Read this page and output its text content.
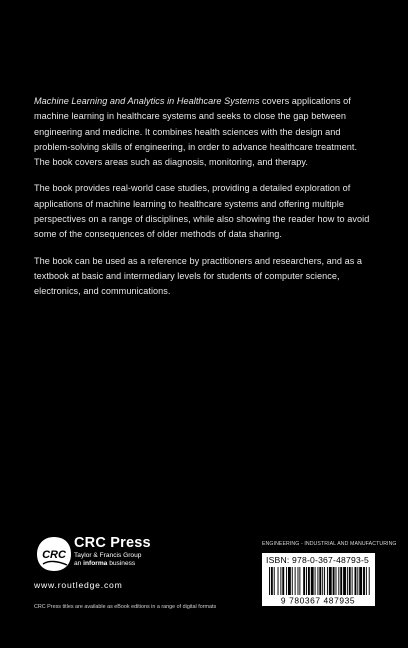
Machine Learning and Analytics in Healthcare Systems covers applications of machine learning in healthcare systems and seeks to close the gap between engineering and medicine. It combines health sciences with the design and problem-solving skills of engineering, in order to advance healthcare treatment. The book covers areas such as diagnosis, monitoring, and therapy.

The book provides real-world case studies, providing a detailed exploration of applications of machine learning to healthcare systems and offering multiple perspectives on a range of disciplines, while also showing the reader how to avoid some of the consequences of older methods of data sharing.

The book can be used as a reference by practitioners and researchers, and as a textbook at basic and intermediary levels for students of computer science, electronics, and communications.

CRC
CRC Press
Taylor & Francis Group
an informa business
www.routledge.com
CRC Press titles are available as eBook editions in a range of digital formats
ENGINEERING - INDUSTRIAL AND MANUFACTURING
ISBN: 978-0-367-48793-5
9 780367 487935
